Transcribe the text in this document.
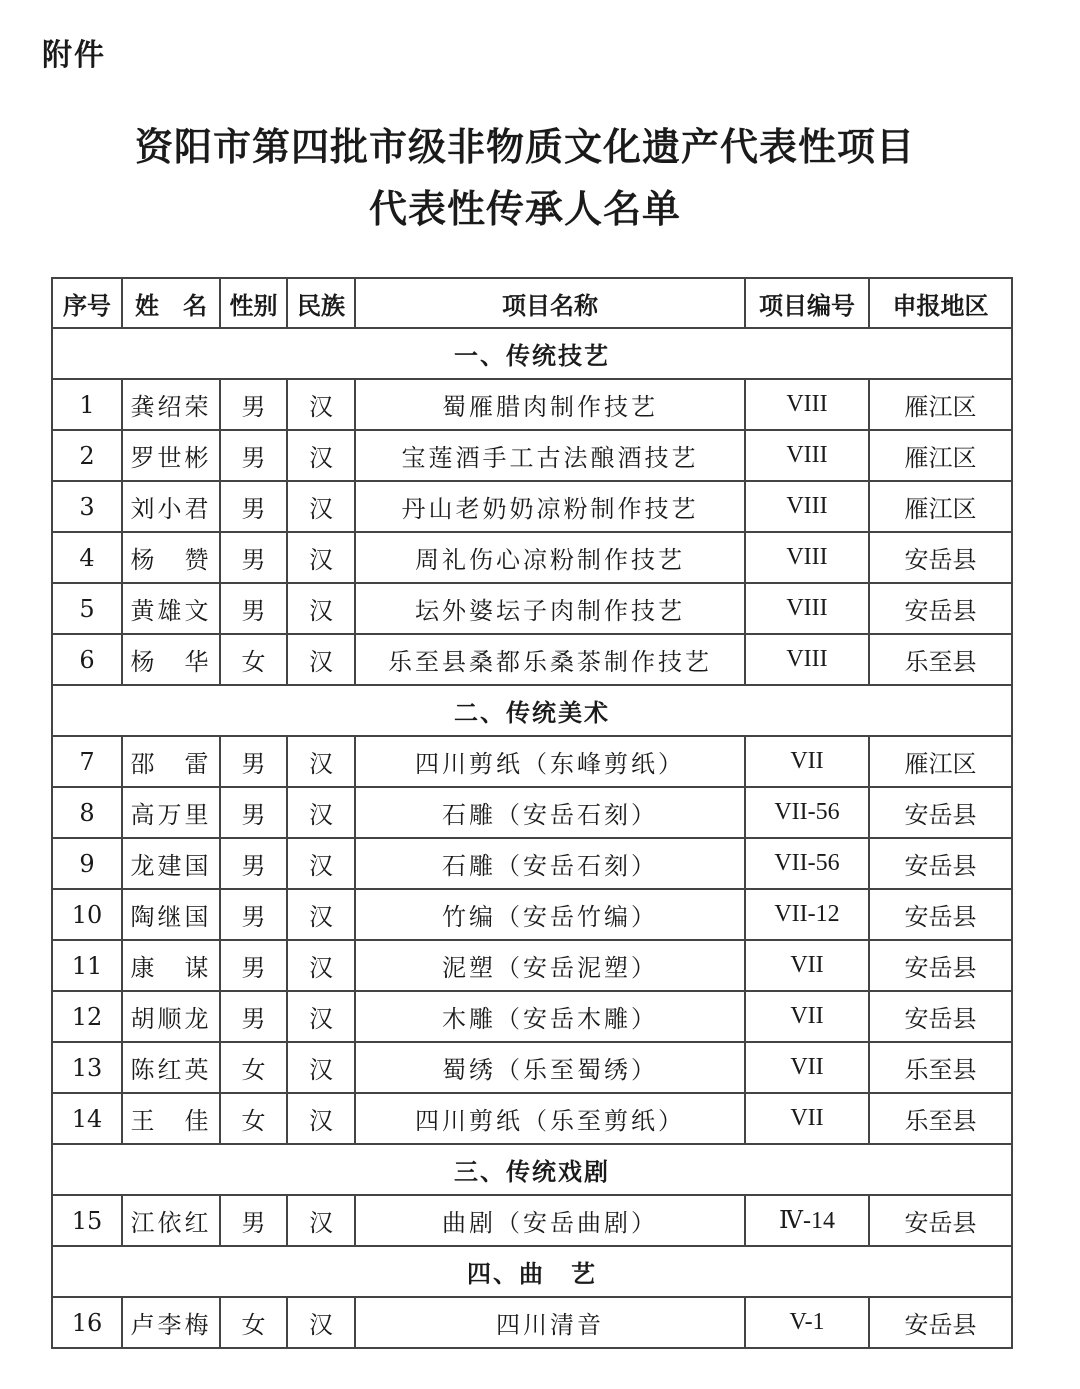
附件
资阳市第四批市级非物质文化遗产代表性项目
代表性传承人名单
序号	姓　名	性别	民族	项目名称	项目编号	申报地区
一、传统技艺						
1	龚绍荣	男	汉	蜀雁腊肉制作技艺	VIII	雁江区
2	罗世彬	男	汉	宝莲酒手工古法酿酒技艺	VIII	雁江区
3	刘小君	男	汉	丹山老奶奶凉粉制作技艺	VIII	雁江区
4	杨　赞	男	汉	周礼伤心凉粉制作技艺	VIII	安岳县
5	黄雄文	男	汉	坛外婆坛子肉制作技艺	VIII	安岳县
6	杨　华	女	汉	乐至县桑都乐桑茶制作技艺	VIII	乐至县
二、传统美术						
7	邵　雷	男	汉	四川剪纸（东峰剪纸）	VII	雁江区
8	高万里	男	汉	石雕（安岳石刻）	VII-56	安岳县
9	龙建国	男	汉	石雕（安岳石刻）	VII-56	安岳县
10	陶继国	男	汉	竹编（安岳竹编）	VII-12	安岳县
11	康　谋	男	汉	泥塑（安岳泥塑）	VII	安岳县
12	胡顺龙	男	汉	木雕（安岳木雕）	VII	安岳县
13	陈红英	女	汉	蜀绣（乐至蜀绣）	VII	乐至县
14	王　佳	女	汉	四川剪纸（乐至剪纸）	VII	乐至县
三、传统戏剧						
15	江依红	男	汉	曲剧（安岳曲剧）	Ⅳ-14	安岳县
四、曲　艺						
16	卢李梅	女	汉	四川清音	V-1	安岳县
